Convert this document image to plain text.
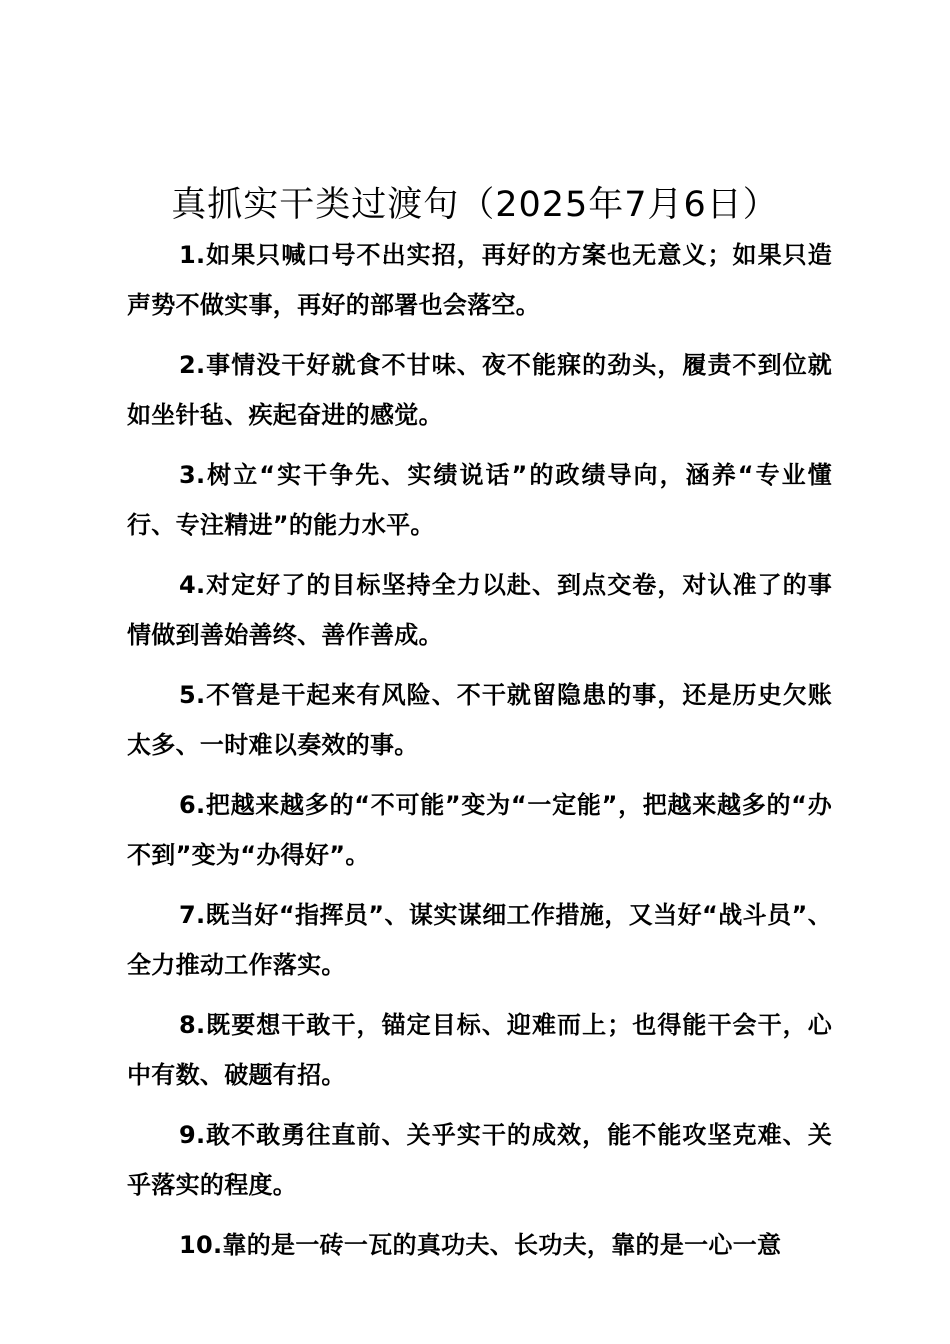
真抓实干类过渡句（2025年7月6日）

1.如果只喊口号不出实招，再好的方案也无意义；如果只造声势不做实事，再好的部署也会落空。

2.事情没干好就食不甘味、夜不能寐的劲头，履责不到位就如坐针毡、疾起奋进的感觉。

3.树立“实干争先、实绩说话”的政绩导向，涵养“专业懂行、专注精进”的能力水平。

4.对定好了的目标坚持全力以赴、到点交卷，对认准了的事情做到善始善终、善作善成。

5.不管是干起来有风险、不干就留隐患的事，还是历史欠账太多、一时难以奏效的事。

6.把越来越多的“不可能”变为“一定能”，把越来越多的“办不到”变为“办得好”。

7.既当好“指挥员”、谋实谋细工作措施，又当好“战斗员”、全力推动工作落实。

8.既要想干敢干，锚定目标、迎难而上；也得能干会干，心中有数、破题有招。

9.敢不敢勇往直前、关乎实干的成效，能不能攻坚克难、关乎落实的程度。

10.靠的是一砖一瓦的真功夫、长功夫，靠的是一心一意
